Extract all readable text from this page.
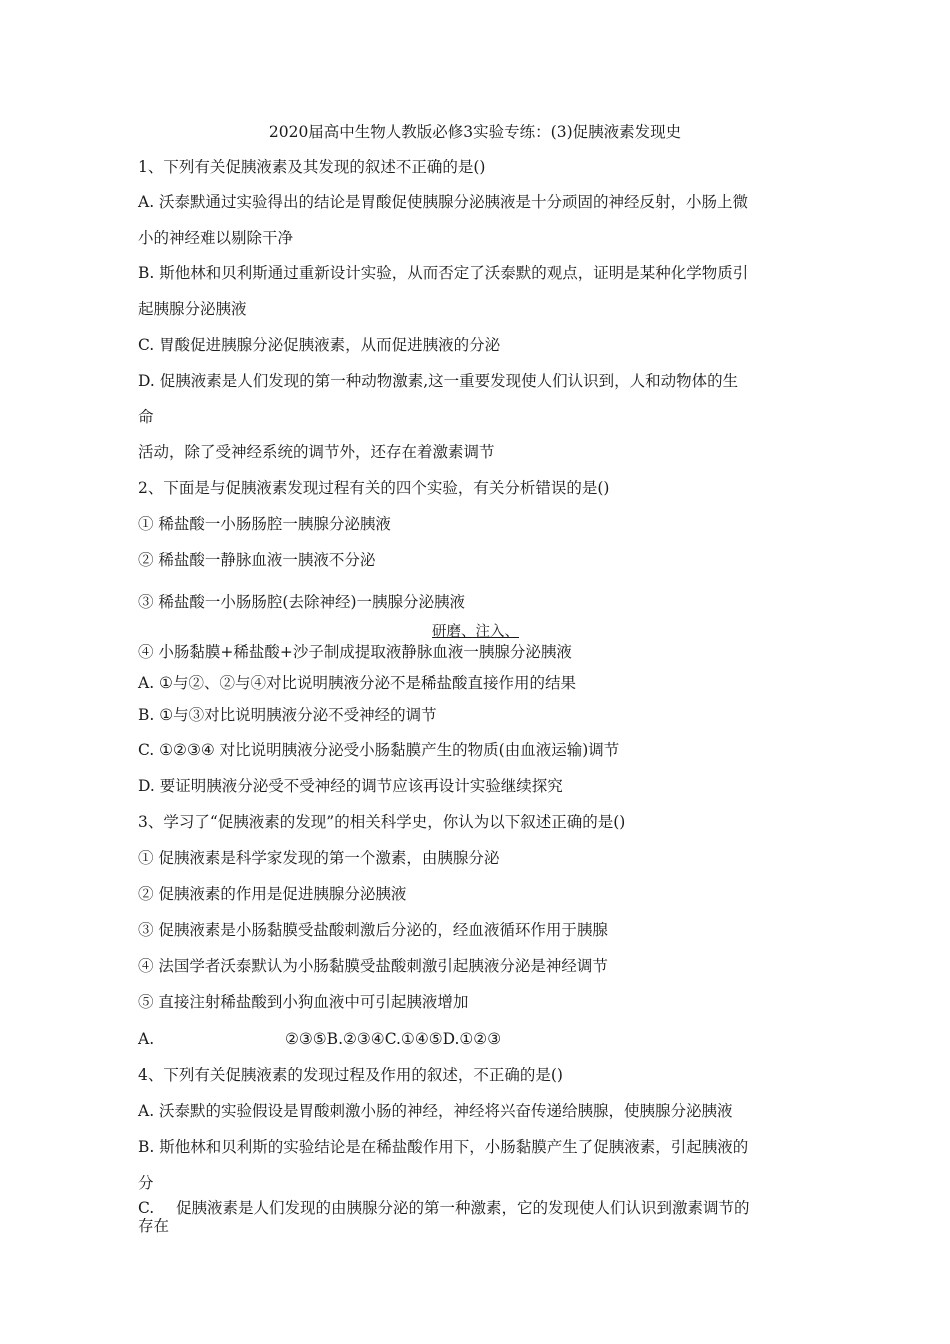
2020届高中生物人教版必修3实验专练：(3)促胰液素发现史
1、下列有关促胰液素及其发现的叙述不正确的是()
A. 沃泰默通过实验得出的结论是胃酸促使胰腺分泌胰液是十分顽固的神经反射，小肠上微
小的神经难以剔除干净
B. 斯他林和贝利斯通过重新设计实验，从而否定了沃泰默的观点，证明是某种化学物质引
起胰腺分泌胰液
C. 胃酸促进胰腺分泌促胰液素，从而促进胰液的分泌
D. 促胰液素是人们发现的第一种动物激素,这一重要发现使人们认识到，人和动物体的生
命
活动，除了受神经系统的调节外，还存在着激素调节
2、下面是与促胰液素发现过程有关的四个实验，有关分析错误的是()
① 稀盐酸一小肠肠腔一胰腺分泌胰液
② 稀盐酸一静脉血液一胰液不分泌
③ 稀盐酸一小肠肠腔(去除神经)一胰腺分泌胰液
研磨、注入、
④ 小肠黏膜+稀盐酸+沙子制成提取液静脉血液一胰腺分泌胰液
A. ①与②、②与④对比说明胰液分泌不是稀盐酸直接作用的结果
B. ①与③对比说明胰液分泌不受神经的调节
C. ①②③④ 对比说明胰液分泌受小肠黏膜产生的物质(由血液运输)调节
D. 要证明胰液分泌受不受神经的调节应该再设计实验继续探究
3、学习了“促胰液素的发现”的相关科学史，你认为以下叙述正确的是()
① 促胰液素是科学家发现的第一个激素，由胰腺分泌
② 促胰液素的作用是促进胰腺分泌胰液
③ 促胰液素是小肠黏膜受盐酸刺激后分泌的，经血液循环作用于胰腺
④ 法国学者沃泰默认为小肠黏膜受盐酸刺激引起胰液分泌是神经调节
⑤ 直接注射稀盐酸到小狗血液中可引起胰液增加
A.	②③⑤B.②③④C.①④⑤D.①②③
4、下列有关促胰液素的发现过程及作用的叙述，不正确的是()
A. 沃泰默的实验假设是胃酸刺激小肠的神经，神经将兴奋传递给胰腺，使胰腺分泌胰液
B. 斯他林和贝利斯的实验结论是在稀盐酸作用下，小肠黏膜产生了促胰液素，引起胰液的
分
C. 促胰液素是人们发现的由胰腺分泌的第一种激素，它的发现使人们认识到激素调节的
存在
